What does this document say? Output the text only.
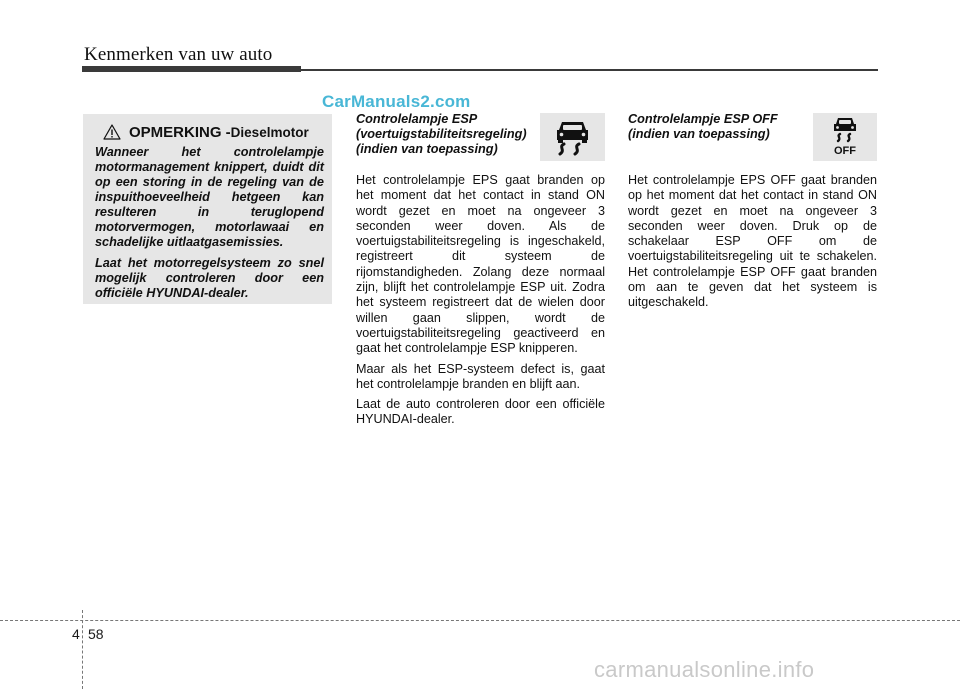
Kenmerken van uw auto
CarManuals2.com
OPMERKING - Dieselmotor

Wanneer het controlelampje motormanagement knippert, duidt dit op een storing in de regeling van de inspuithoeveelheid hetgeen kan resulteren in teruglopend motorvermogen, motorlawaai en schadelijke uitlaatgasemissies.

Laat het motorregelsysteem zo snel mogelijk controleren door een officiële HYUNDAI-dealer.

Controlelampje ESP
(voertuigstabiliteitsregeling)
(indien van toepassing)

Het controlelampje EPS gaat branden op het moment dat het contact in stand ON wordt gezet en moet na ongeveer 3 seconden weer doven. Als de voertuigstabiliteitsregeling is ingeschakeld, registreert dit systeem de rijomstandigheden. Zolang deze normaal zijn, blijft het controlelampje ESP uit. Zodra het systeem registreert dat de wielen door willen gaan slippen, wordt de voertuigstabiliteitsregeling geactiveerd en gaat het controlelampje ESP knipperen.

Maar als het ESP-systeem defect is, gaat het controlelampje branden en blijft aan.

Laat de auto controleren door een officiële HYUNDAI-dealer.

Controlelampje ESP OFF
(indien van toepassing)
OFF

Het controlelampje EPS OFF gaat branden op het moment dat het contact in stand ON wordt gezet en moet na ongeveer 3 seconden weer doven. Druk op de schakelaar ESP OFF om de voertuigstabiliteitsregeling uit te schakelen. Het controlelampje ESP OFF gaat branden om aan te geven dat het systeem is uitgeschakeld.

4 58
carmanualsonline.info
